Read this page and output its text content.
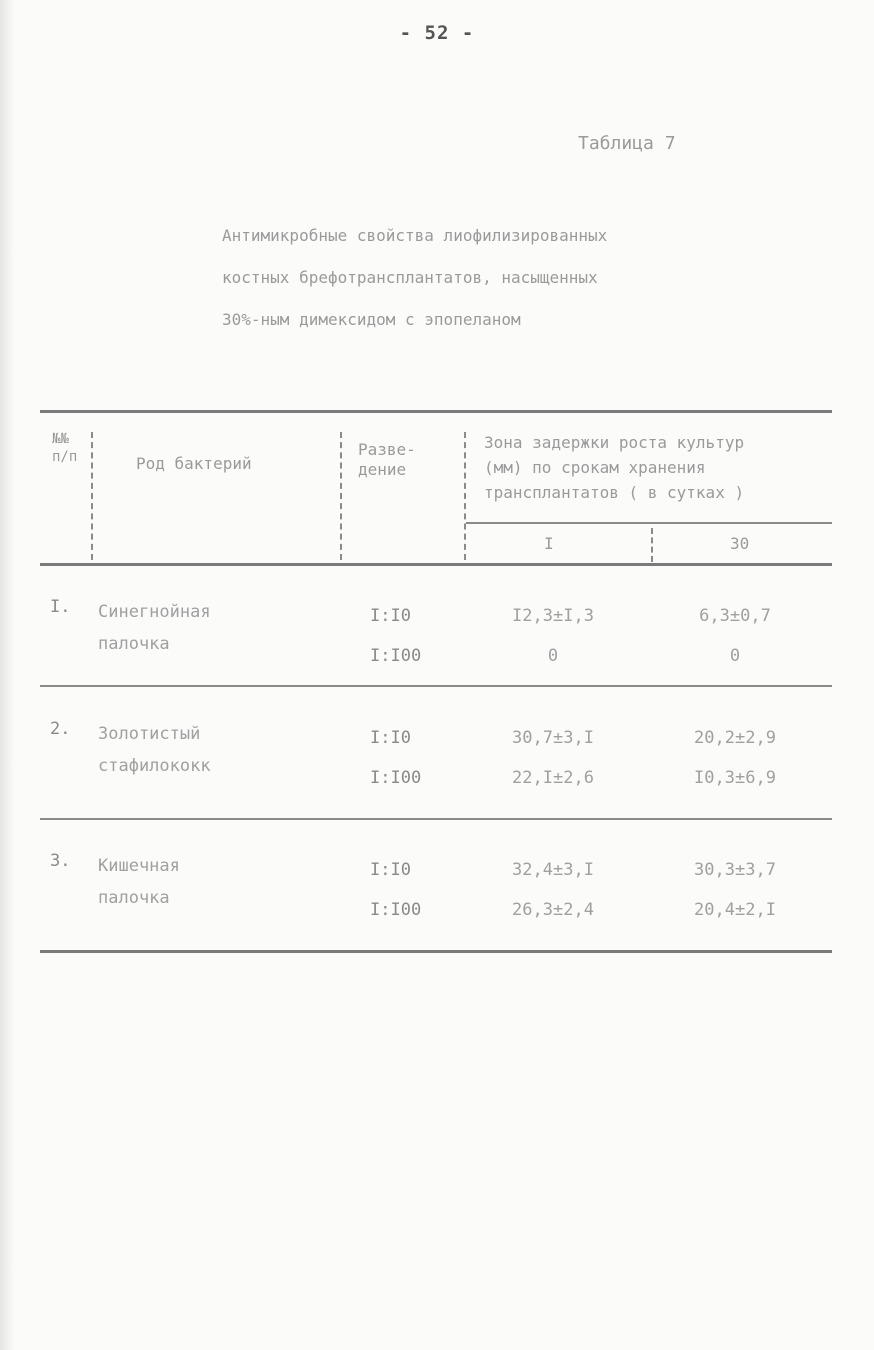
- 52 -
Таблица 7
Антимикробные свойства лиофилизированных
костных брефотрансплантатов, насыщенных
30%-ным димексидом с эпопеланом
№№
п/п	Род бактерий
Разве-
дение
Зона задержки роста культур
(мм) по срокам хранения
трансплантатов ( в сутках )
I	30
I. Синегнойная
палочка
I:I0
I:I00
I2,3±I,3
0
6,3±0,7
0
2. Золотистый
стафилококк
I:I0
I:I00
30,7±3,I
22,I±2,6
20,2±2,9
I0,3±6,9
3. Кишечная
палочка
I:I0
I:I00
32,4±3,I
26,3±2,4
30,3±3,7
20,4±2,I
